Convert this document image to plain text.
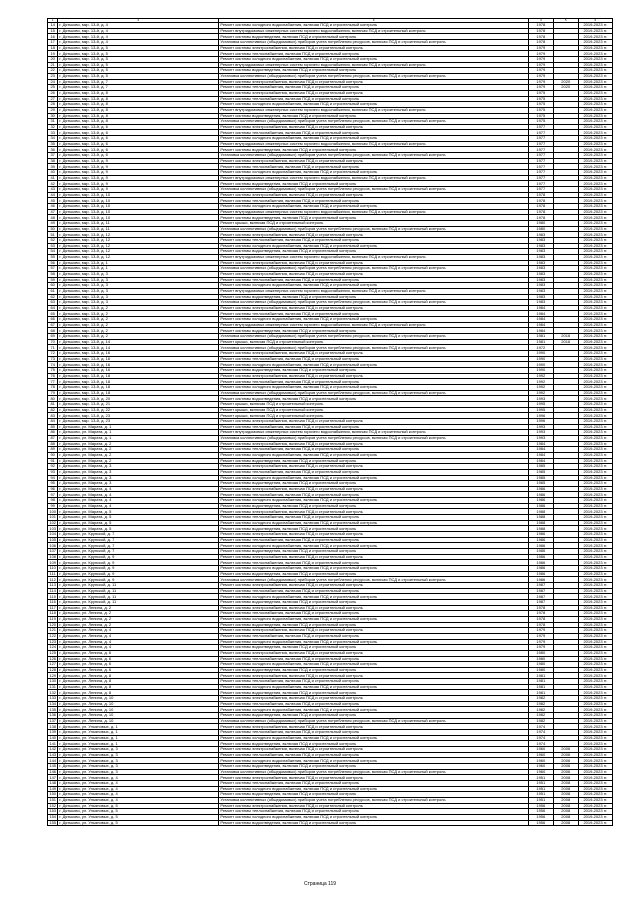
1	2	3	4	5	6
14	г. Дятьково, мкр. 13-й, д. 4	Ремонт системы холодного водоснабжения, включая ПСД и строительный контроль	1978		2019-2023 гг.
15	г. Дятьково, мкр. 13-й, д. 4	Ремонт внутридомовых инженерных систем горячего водоснабжения, включая ПСД и строительный контроль	1978		2019-2023 гг.
16	г. Дятьково, мкр. 13-й, д. 4	Ремонт системы водоотведения, включая ПСД и строительный контроль	1978		2019-2023 гг.
17	г. Дятьково, мкр. 13-й, д. 4	Установка коллективных (общедомовых) приборов учета потребления ресурсов, включая ПСД и строительный контроль	1978		2019-2023 гг.
18	г. Дятьково, мкр. 13-й, д. 5	Ремонт системы электроснабжения, включая ПСД и строительный контроль	1979		2019-2023 гг.
19	г. Дятьково, мкр. 13-й, д. 5	Ремонт системы теплоснабжения, включая ПСД и строительный контроль	1979		2019-2023 гг.
20	г. Дятьково, мкр. 13-й, д. 5	Ремонт системы холодного водоснабжения, включая ПСД и строительный контроль	1979		2019-2023 гг.
21	г. Дятьково, мкр. 13-й, д. 5	Ремонт внутридомовых инженерных систем горячего водоснабжения, включая ПСД и строительный контроль	1979		2019-2023 гг.
22	г. Дятьково, мкр. 13-й, д. 5	Ремонт системы водоотведения, включая ПСД и строительный контроль	1979		2019-2023 гг.
23	г. Дятьково, мкр. 13-й, д. 5	Установка коллективных (общедомовых) приборов учета потребления ресурсов, включая ПСД и строительный контроль	1979		2019-2023 гг.
24	г. Дятьково, мкр. 13-й, д. 7	Ремонт системы электроснабжения, включая ПСД и строительный контроль	1979	2020	2019-2023 гг.
25	г. Дятьково, мкр. 13-й, д. 7	Ремонт системы теплоснабжения, включая ПСД и строительный контроль	1979	2020	2019-2023 гг.
26	г. Дятьково, мкр. 13-й, д. 8	Ремонт системы электроснабжения, включая ПСД и строительный контроль	1975		2019-2023 гг.
27	г. Дятьково, мкр. 13-й, д. 8	Ремонт системы теплоснабжения, включая ПСД и строительный контроль	1975		2019-2023 гг.
28	г. Дятьково, мкр. 13-й, д. 8	Ремонт системы холодного водоснабжения, включая ПСД и строительный контроль	1975		2019-2023 гг.
29	г. Дятьково, мкр. 13-й, д. 8	Ремонт внутридомовых инженерных систем горячего водоснабжения, включая ПСД и строительный контроль	1975		2019-2023 гг.
30	г. Дятьково, мкр. 13-й, д. 8	Ремонт системы водоотведения, включая ПСД и строительный контроль	1975		2019-2023 гг.
31	г. Дятьково, мкр. 13-й, д. 8	Установка коллективных (общедомовых) приборов учета потребления ресурсов, включая ПСД и строительный контроль	1975		2019-2023 гг.
32	г. Дятьково, мкр. 13-й, д. 6	Ремонт системы электроснабжения, включая ПСД и строительный контроль	1977		2019-2023 гг.
33	г. Дятьково, мкр. 13-й, д. 6	Ремонт системы теплоснабжения, включая ПСД и строительный контроль	1977		2019-2023 гг.
34	г. Дятьково, мкр. 13-й, д. 6	Ремонт системы холодного водоснабжения, включая ПСД и строительный контроль	1977		2019-2023 гг.
35	г. Дятьково, мкр. 13-й, д. 6	Ремонт внутридомовых инженерных систем горячего водоснабжения, включая ПСД и строительный контроль	1977		2019-2023 гг.
36	г. Дятьково, мкр. 13-й, д. 6	Ремонт системы водоотведения, включая ПСД и строительный контроль	1977		2019-2023 гг.
37	г. Дятьково, мкр. 13-й, д. 6	Установка коллективных (общедомовых) приборов учета потребления ресурсов, включая ПСД и строительный контроль	1977		2019-2023 гг.
38	г. Дятьково, мкр. 13-й, д. 9	Ремонт системы электроснабжения, включая ПСД и строительный контроль	1977		2019-2023 гг.
39	г. Дятьково, мкр. 13-й, д. 9	Ремонт системы теплоснабжения, включая ПСД и строительный контроль	1977		2019-2023 гг.
40	г. Дятьково, мкр. 13-й, д. 9	Ремонт системы холодного водоснабжения, включая ПСД и строительный контроль	1977		2019-2023 гг.
41	г. Дятьково, мкр. 13-й, д. 9	Ремонт внутридомовых инженерных систем горячего водоснабжения, включая ПСД и строительный контроль	1977		2019-2023 гг.
42	г. Дятьково, мкр. 13-й, д. 9	Ремонт системы водоотведения, включая ПСД и строительный контроль	1977		2019-2023 гг.
43	г. Дятьково, мкр. 13-й, д. 9	Установка коллективных (общедомовых) приборов учета потребления ресурсов, включая ПСД и строительный контроль	1977		2019-2023 гг.
44	г. Дятьково, мкр. 13-й, д. 10	Ремонт системы электроснабжения, включая ПСД и строительный контроль	1978		2019-2023 гг.
45	г. Дятьково, мкр. 13-й, д. 10	Ремонт системы теплоснабжения, включая ПСД и строительный контроль	1978		2019-2023 гг.
46	г. Дятьково, мкр. 13-й, д. 10	Ремонт системы холодного водоснабжения, включая ПСД и строительный контроль	1978		2019-2023 гг.
47	г. Дятьково, мкр. 13-й, д. 10	Ремонт внутридомовых инженерных систем горячего водоснабжения, включая ПСД и строительный контроль	1978		2019-2023 гг.
48	г. Дятьково, мкр. 13-й, д. 10	Ремонт системы водоотведения, включая ПСД и строительный контроль	1978		2019-2023 гг.
49	г. Дятьково, мкр. 13-й, д. 11	Ремонт крыши, включая ПСД и строительный контроль	1980		2019-2023 гг.
50	г. Дятьково, мкр. 13-й, д. 11	Установка коллективных (общедомовых) приборов учета потребления ресурсов, включая ПСД и строительный контроль	1980		2019-2023 гг.
51	г. Дятьково, мкр. 13-й, д. 12	Ремонт системы электроснабжения, включая ПСД и строительный контроль	1983		2019-2023 гг.
52	г. Дятьково, мкр. 13-й, д. 12	Ремонт системы теплоснабжения, включая ПСД и строительный контроль	1983		2019-2023 гг.
53	г. Дятьково, мкр. 13-й, д. 12	Ремонт системы холодного водоснабжения, включая ПСД и строительный контроль	1983		2019-2023 гг.
54	г. Дятьково, мкр. 13-й, д. 12	Ремонт системы водоотведения, включая ПСД и строительный контроль	1983		2019-2023 гг.
55	г. Дятьково, мкр. 13-й, д. 12	Ремонт внутридомовых инженерных систем горячего водоснабжения, включая ПСД и строительный контроль	1983		2019-2023 гг.
56	г. Дятьково, мкр. 13-й, д. 1	Ремонт системы электроснабжения, включая ПСД и строительный контроль	1983		2019-2023 гг.
57	г. Дятьково, мкр. 13-й, д. 1	Установка коллективных (общедомовых) приборов учета потребления ресурсов, включая ПСД и строительный контроль	1983		2019-2023 гг.
58	г. Дятьково, мкр. 13-й, д. 3	Ремонт системы электроснабжения, включая ПСД и строительный контроль	1983		2019-2023 гг.
59	г. Дятьково, мкр. 13-й, д. 3	Ремонт системы теплоснабжения, включая ПСД и строительный контроль	1983		2019-2023 гг.
60	г. Дятьково, мкр. 13-й, д. 3	Ремонт системы холодного водоснабжения, включая ПСД и строительный контроль	1983		2019-2023 гг.
61	г. Дятьково, мкр. 13-й, д. 3	Ремонт внутридомовых инженерных систем горячего водоснабжения, включая ПСД и строительный контроль	1983		2019-2023 гг.
62	г. Дятьково, мкр. 13-й, д. 3	Ремонт системы водоотведения, включая ПСД и строительный контроль	1983		2019-2023 гг.
63	г. Дятьково, мкр. 13-й, д. 3	Установка коллективных (общедомовых) приборов учета потребления ресурсов, включая ПСД и строительный контроль	1983		2019-2023 гг.
64	г. Дятьково, мкр. 13-й, д. 2	Ремонт системы электроснабжения, включая ПСД и строительный контроль	1984		2019-2023 гг.
65	г. Дятьково, мкр. 13-й, д. 2	Ремонт системы теплоснабжения, включая ПСД и строительный контроль	1984		2019-2023 гг.
66	г. Дятьково, мкр. 13-й, д. 2	Ремонт системы холодного водоснабжения, включая ПСД и строительный контроль	1984		2019-2023 гг.
67	г. Дятьково, мкр. 13-й, д. 2	Ремонт внутридомовых инженерных систем горячего водоснабжения, включая ПСД и строительный контроль	1984		2019-2023 гг.
68	г. Дятьково, мкр. 13-й, д. 2	Ремонт системы водоотведения, включая ПСД и строительный контроль	1984		2019-2023 гг.
69	г. Дятьково, мкр. 13-й, д. 2	Установка коллективных (общедомовых) приборов учета потребления ресурсов, включая ПСД и строительный контроль	1981	2016	2019-2023 гг.
70	г. Дятьково, мкр. 13-й, д. 14	Ремонт крыши, включая ПСД и строительный контроль	1981	2016	2019-2023 гг.
71	г. Дятьково, мкр. 13-й, д. 14	Установка коллективных (общедомовых) приборов учета потребления ресурсов, включая ПСД и строительный контроль	1972		2019-2023 гг.
72	г. Дятьково, мкр. 13-й, д. 16	Ремонт системы электроснабжения, включая ПСД и строительный контроль	1990		2019-2023 гг.
73	г. Дятьково, мкр. 13-й, д. 16	Ремонт системы теплоснабжения, включая ПСД и строительный контроль	1990		2019-2023 гг.
74	г. Дятьково, мкр. 13-й, д. 16	Ремонт системы холодного водоснабжения, включая ПСД и строительный контроль	1990		2019-2023 гг.
75	г. Дятьково, мкр. 13-й, д. 16	Ремонт системы водоотведения, включая ПСД и строительный контроль	1990		2019-2023 гг.
76	г. Дятьково, мкр. 13-й, д. 18	Ремонт системы электроснабжения, включая ПСД и строительный контроль	1992		2019-2023 гг.
77	г. Дятьково, мкр. 13-й, д. 18	Ремонт системы теплоснабжения, включая ПСД и строительный контроль	1992		2019-2023 гг.
78	г. Дятьково, мкр. 13-й, д. 18	Ремонт системы холодного водоснабжения, включая ПСД и строительный контроль	1992		2019-2023 гг.
79	г. Дятьково, мкр. 13-й, д. 18	Установка коллективных (общедомовых) приборов учета потребления ресурсов, включая ПСД и строительный контроль	1992		2019-2023 гг.
80	г. Дятьково, мкр. 13-й, д. 20	Ремонт системы водоотведения, включая ПСД и строительный контроль	1993		2019-2023 гг.
81	г. Дятьково, мкр. 13-й, д. 21	Ремонт крыши, включая ПСД и строительный контроль	1995		2019-2023 гг.
82	г. Дятьково, мкр. 13-й, д. 22	Ремонт крыши, включая ПСД и строительный контроль	1995		2019-2023 гг.
83	г. Дятьково, мкр. 13-й, д. 23	Ремонт крыши, включая ПСД и строительный контроль	1996		2019-2023 гг.
84	г. Дятьково, мкр. 13-й, д. 23	Ремонт системы электроснабжения, включая ПСД и строительный контроль	1996		2019-2023 гг.
85	г. Дятьково, ул. Марата, д. 1	Ремонт системы теплоснабжения, включая ПСД и строительный контроль	1993		2019-2023 гг.
86	г. Дятьково, ул. Марата, д. 1	Ремонт внутридомовых инженерных систем горячего водоснабжения, включая ПСД и строительный контроль	1993		2019-2023 гг.
87	г. Дятьково, ул. Марата, д. 1	Установка коллективных (общедомовых) приборов учета потребления ресурсов, включая ПСД и строительный контроль	1993		2019-2023 гг.
88	г. Дятьково, ул. Марата, д. 2	Ремонт системы электроснабжения, включая ПСД и строительный контроль	1984		2019-2023 гг.
89	г. Дятьково, ул. Марата, д. 2	Ремонт системы теплоснабжения, включая ПСД и строительный контроль	1984		2019-2023 гг.
90	г. Дятьково, ул. Марата, д. 2	Ремонт системы холодного водоснабжения, включая ПСД и строительный контроль	1984		2019-2023 гг.
91	г. Дятьково, ул. Марата, д. 2	Ремонт системы водоотведения, включая ПСД и строительный контроль	1984		2019-2023 гг.
92	г. Дятьково, ул. Марата, д. 3	Ремонт системы электроснабжения, включая ПСД и строительный контроль	1985		2019-2023 гг.
93	г. Дятьково, ул. Марата, д. 3	Ремонт системы теплоснабжения, включая ПСД и строительный контроль	1985		2019-2023 гг.
94	г. Дятьково, ул. Марата, д. 3	Ремонт системы холодного водоснабжения, включая ПСД и строительный контроль	1985		2019-2023 гг.
95	г. Дятьково, ул. Марата, д. 3	Ремонт системы водоотведения, включая ПСД и строительный контроль	1985		2019-2023 гг.
96	г. Дятьково, ул. Марата, д. 4	Ремонт системы электроснабжения, включая ПСД и строительный контроль	1986		2019-2023 гг.
97	г. Дятьково, ул. Марата, д. 4	Ремонт системы теплоснабжения, включая ПСД и строительный контроль	1986		2019-2023 гг.
98	г. Дятьково, ул. Марата, д. 4	Ремонт системы холодного водоснабжения, включая ПСД и строительный контроль	1986		2019-2023 гг.
99	г. Дятьково, ул. Марата, д. 4	Ремонт системы водоотведения, включая ПСД и строительный контроль	1986		2019-2023 гг.
100	г. Дятьково, ул. Марата, д. 5	Ремонт системы электроснабжения, включая ПСД и строительный контроль	1988		2019-2023 гг.
101	г. Дятьково, ул. Марата, д. 5	Ремонт системы теплоснабжения, включая ПСД и строительный контроль	1988		2019-2023 гг.
102	г. Дятьково, ул. Марата, д. 5	Ремонт системы холодного водоснабжения, включая ПСД и строительный контроль	1988		2019-2023 гг.
103	г. Дятьково, ул. Марата, д. 5	Ремонт системы водоотведения, включая ПСД и строительный контроль	1988		2019-2023 гг.
104	г. Дятьково, ул. Крупской, д. 7	Ремонт системы электроснабжения, включая ПСД и строительный контроль	1986		2019-2023 гг.
105	г. Дятьково, ул. Крупской, д. 7	Ремонт системы теплоснабжения, включая ПСД и строительный контроль	1986		2019-2023 гг.
106	г. Дятьково, ул. Крупской, д. 7	Ремонт системы холодного водоснабжения, включая ПСД и строительный контроль	1986		2019-2023 гг.
107	г. Дятьково, ул. Крупской, д. 7	Ремонт системы водоотведения, включая ПСД и строительный контроль	1986		2019-2023 гг.
108	г. Дятьково, ул. Крупской, д. 9	Ремонт системы электроснабжения, включая ПСД и строительный контроль	1986		2019-2023 гг.
109	г. Дятьково, ул. Крупской, д. 9	Ремонт системы теплоснабжения, включая ПСД и строительный контроль	1986		2019-2023 гг.
110	г. Дятьково, ул. Крупской, д. 9	Ремонт системы холодного водоснабжения, включая ПСД и строительный контроль	1986		2019-2023 гг.
111	г. Дятьково, ул. Крупской, д. 9	Ремонт системы водоотведения, включая ПСД и строительный контроль	1986		2019-2023 гг.
112	г. Дятьково, ул. Крупской, д. 9	Установка коллективных (общедомовых) приборов учета потребления ресурсов, включая ПСД и строительный контроль	1986		2019-2023 гг.
113	г. Дятьково, ул. Крупской, д. 11	Ремонт системы электроснабжения, включая ПСД и строительный контроль	1987		2019-2023 гг.
114	г. Дятьково, ул. Крупской, д. 11	Ремонт системы теплоснабжения, включая ПСД и строительный контроль	1987		2019-2023 гг.
115	г. Дятьково, ул. Крупской, д. 11	Ремонт системы холодного водоснабжения, включая ПСД и строительный контроль	1987		2019-2023 гг.
116	г. Дятьково, ул. Крупской, д. 11	Ремонт системы водоотведения, включая ПСД и строительный контроль	1987		2019-2023 гг.
117	г. Дятьково, ул. Ленина, д. 2	Ремонт системы электроснабжения, включая ПСД и строительный контроль	1978		2019-2023 гг.
118	г. Дятьково, ул. Ленина, д. 2	Ремонт системы теплоснабжения, включая ПСД и строительный контроль	1978		2019-2023 гг.
119	г. Дятьково, ул. Ленина, д. 2	Ремонт системы холодного водоснабжения, включая ПСД и строительный контроль	1978		2019-2023 гг.
120	г. Дятьково, ул. Ленина, д. 2	Ремонт системы водоотведения, включая ПСД и строительный контроль	1978		2019-2023 гг.
121	г. Дятьково, ул. Ленина, д. 4	Ремонт системы электроснабжения, включая ПСД и строительный контроль	1979		2019-2023 гг.
122	г. Дятьково, ул. Ленина, д. 4	Ремонт системы теплоснабжения, включая ПСД и строительный контроль	1979		2019-2023 гг.
123	г. Дятьково, ул. Ленина, д. 4	Ремонт системы холодного водоснабжения, включая ПСД и строительный контроль	1979		2019-2023 гг.
124	г. Дятьково, ул. Ленина, д. 4	Ремонт системы водоотведения, включая ПСД и строительный контроль	1979		2019-2023 гг.
125	г. Дятьково, ул. Ленина, д. 6	Ремонт системы электроснабжения, включая ПСД и строительный контроль	1980		2019-2023 гг.
126	г. Дятьково, ул. Ленина, д. 6	Ремонт системы теплоснабжения, включая ПСД и строительный контроль	1980		2019-2023 гг.
127	г. Дятьково, ул. Ленина, д. 6	Ремонт системы холодного водоснабжения, включая ПСД и строительный контроль	1980		2019-2023 гг.
128	г. Дятьково, ул. Ленина, д. 6	Ремонт системы водоотведения, включая ПСД и строительный контроль	1980		2019-2023 гг.
129	г. Дятьково, ул. Ленина, д. 8	Ремонт системы электроснабжения, включая ПСД и строительный контроль	1981		2019-2023 гг.
130	г. Дятьково, ул. Ленина, д. 8	Ремонт системы теплоснабжения, включая ПСД и строительный контроль	1981		2019-2023 гг.
131	г. Дятьково, ул. Ленина, д. 8	Ремонт системы холодного водоснабжения, включая ПСД и строительный контроль	1981		2019-2023 гг.
132	г. Дятьково, ул. Ленина, д. 8	Ремонт системы водоотведения, включая ПСД и строительный контроль	1981		2019-2023 гг.
133	г. Дятьково, ул. Ленина, д. 10	Ремонт системы электроснабжения, включая ПСД и строительный контроль	1982		2019-2023 гг.
134	г. Дятьково, ул. Ленина, д. 10	Ремонт системы теплоснабжения, включая ПСД и строительный контроль	1982		2019-2023 гг.
135	г. Дятьково, ул. Ленина, д. 10	Ремонт системы холодного водоснабжения, включая ПСД и строительный контроль	1982		2019-2023 гг.
136	г. Дятьково, ул. Ленина, д. 10	Ремонт системы водоотведения, включая ПСД и строительный контроль	1982		2019-2023 гг.
137	г. Дятьково, ул. Ленина, д. 10	Установка коллективных (общедомовых) приборов учета потребления ресурсов, включая ПСД и строительный контроль	1982		2019-2023 гг.
138	г. Дятьково, ул. Ульяновых, д. 1	Ремонт системы электроснабжения, включая ПСД и строительный контроль	1974		2019-2023 гг.
139	г. Дятьково, ул. Ульяновых, д. 1	Ремонт системы теплоснабжения, включая ПСД и строительный контроль	1974		2019-2023 гг.
140	г. Дятьково, ул. Ульяновых, д. 1	Ремонт системы холодного водоснабжения, включая ПСД и строительный контроль	1974		2019-2023 гг.
141	г. Дятьково, ул. Ульяновых, д. 1	Ремонт системы водоотведения, включая ПСД и строительный контроль	1974		2019-2023 гг.
142	г. Дятьково, ул. Ульяновых, д. 3	Ремонт системы электроснабжения, включая ПСД и строительный контроль	1960	2006	2019-2023 гг.
143	г. Дятьково, ул. Ульяновых, д. 3	Ремонт системы теплоснабжения, включая ПСД и строительный контроль	1960	2006	2019-2023 гг.
144	г. Дятьково, ул. Ульяновых, д. 3	Ремонт системы холодного водоснабжения, включая ПСД и строительный контроль	1960	2006	2019-2023 гг.
145	г. Дятьково, ул. Ульяновых, д. 3	Ремонт системы водоотведения, включая ПСД и строительный контроль	1960	2006	2019-2023 гг.
146	г. Дятьково, ул. Ульяновых, д. 3	Установка коллективных (общедомовых) приборов учета потребления ресурсов, включая ПСД и строительный контроль	1960	2006	2019-2023 гг.
147	г. Дятьково, ул. Ульяновых, д. 4	Ремонт системы электроснабжения, включая ПСД и строительный контроль	1951	2008	2019-2023 гг.
148	г. Дятьково, ул. Ульяновых, д. 4	Ремонт системы теплоснабжения, включая ПСД и строительный контроль	1951	2008	2019-2023 гг.
149	г. Дятьково, ул. Ульяновых, д. 4	Ремонт системы холодного водоснабжения, включая ПСД и строительный контроль	1951	2008	2019-2023 гг.
150	г. Дятьково, ул. Ульяновых, д. 4	Ремонт системы водоотведения, включая ПСД и строительный контроль	1951	2008	2019-2023 гг.
151	г. Дятьково, ул. Ульяновых, д. 4	Установка коллективных (общедомовых) приборов учета потребления ресурсов, включая ПСД и строительный контроль	1951	2008	2019-2023 гг.
152	г. Дятьково, ул. Ульяновых, д. 5	Ремонт системы электроснабжения, включая ПСД и строительный контроль	1956	2008	2019-2023 гг.
153	г. Дятьково, ул. Ульяновых, д. 5	Ремонт системы теплоснабжения, включая ПСД и строительный контроль	1956	2008	2019-2023 гг.
154	г. Дятьково, ул. Ульяновых, д. 5	Ремонт системы холодного водоснабжения, включая ПСД и строительный контроль	1956	2008	2019-2023 гг.
155	г. Дятьково, ул. Ульяновых, д. 5	Ремонт системы водоотведения, включая ПСД и строительный контроль	1956	2008	2019-2023 гг.
Страница 119
